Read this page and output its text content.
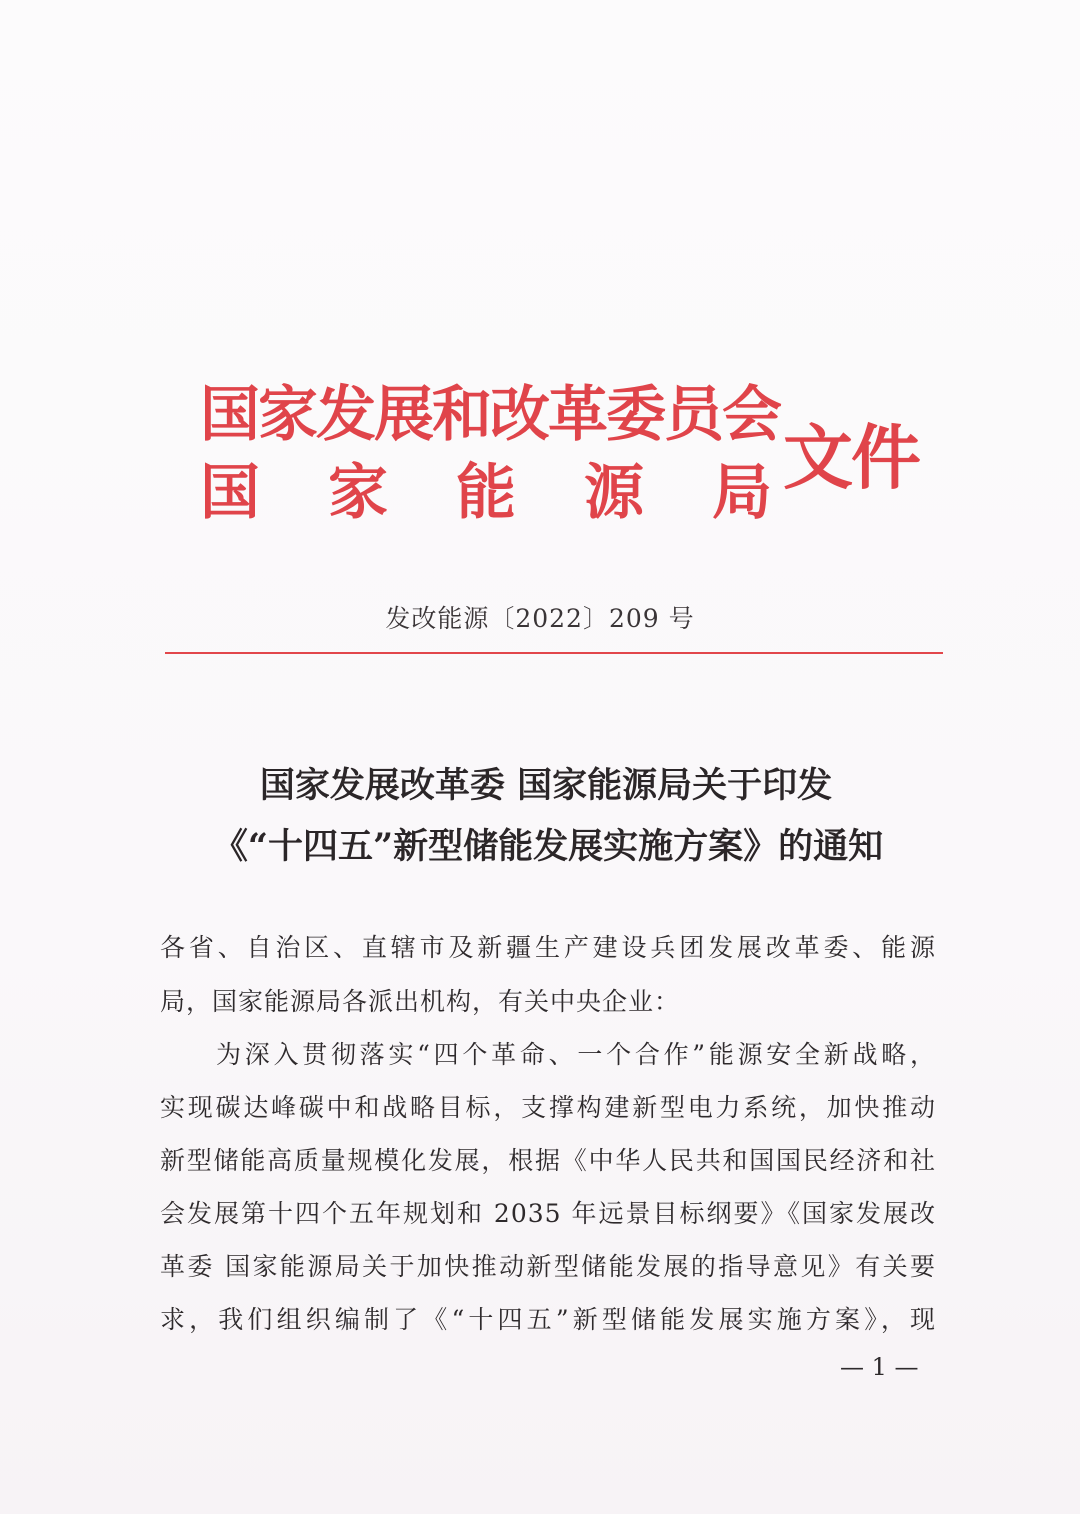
国家发展和改革委员会
国家能源局
文件
发改能源〔2022〕209 号
国家发展改革委 国家能源局关于印发
《“十四五”新型储能发展实施方案》的通知
各省、自治区、直辖市及新疆生产建设兵团发展改革委、能源
局，国家能源局各派出机构，有关中央企业：
为深入贯彻落实“四个革命、一个合作”能源安全新战略，
实现碳达峰碳中和战略目标，支撑构建新型电力系统，加快推动
新型储能高质量规模化发展，根据《中华人民共和国国民经济和社
会发展第十四个五年规划和 2035 年远景目标纲要》《国家发展改
革委 国家能源局关于加快推动新型储能发展的指导意见》有关要
求，我们组织编制了《“十四五”新型储能发展实施方案》，现
— 1 —
